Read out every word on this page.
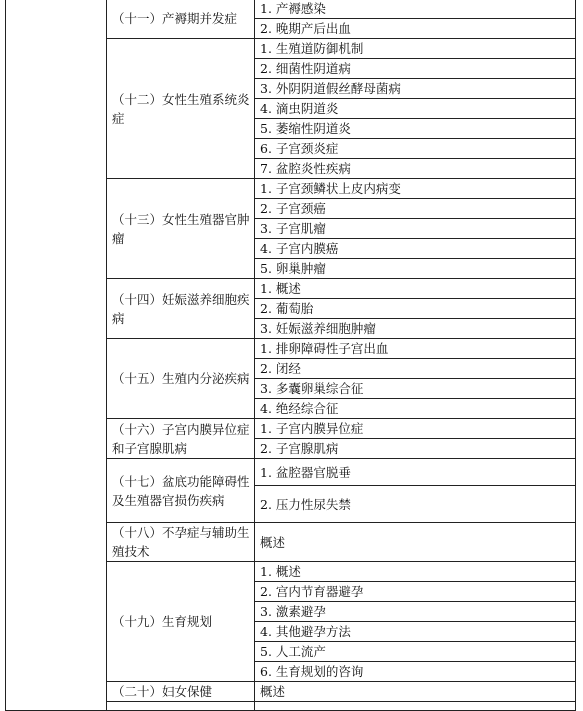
	（十一）产褥期并发症	1. 产褥感染
		2. 晚期产后出血
	（十二）女性生殖系统炎症	1. 生殖道防御机制
		2. 细菌性阴道病
		3. 外阴阴道假丝酵母菌病
		4. 滴虫阴道炎
		5. 萎缩性阴道炎
		6. 子宫颈炎症
		7. 盆腔炎性疾病
	（十三）女性生殖器官肿瘤	1. 子宫颈鳞状上皮内病变
		2. 子宫颈癌
		3. 子宫肌瘤
		4. 子宫内膜癌
		5. 卵巢肿瘤
	（十四）妊娠滋养细胞疾病	1. 概述
		2. 葡萄胎
		3. 妊娠滋养细胞肿瘤
	（十五）生殖内分泌疾病	1. 排卵障碍性子宫出血
		2. 闭经
		3. 多囊卵巢综合征
		4. 绝经综合征
	（十六）子宫内膜异位症和子宫腺肌病	1. 子宫内膜异位症
		2. 子宫腺肌病
	（十七）盆底功能障碍性及生殖器官损伤疾病	1. 盆腔器官脱垂
		2. 压力性尿失禁
	（十八）不孕症与辅助生殖技术	概述
	（十九）生育规划	1. 概述
		2. 宫内节育器避孕
		3. 激素避孕
		4. 其他避孕方法
		5. 人工流产
		6. 生育规划的咨询
	（二十）妇女保健	概述
